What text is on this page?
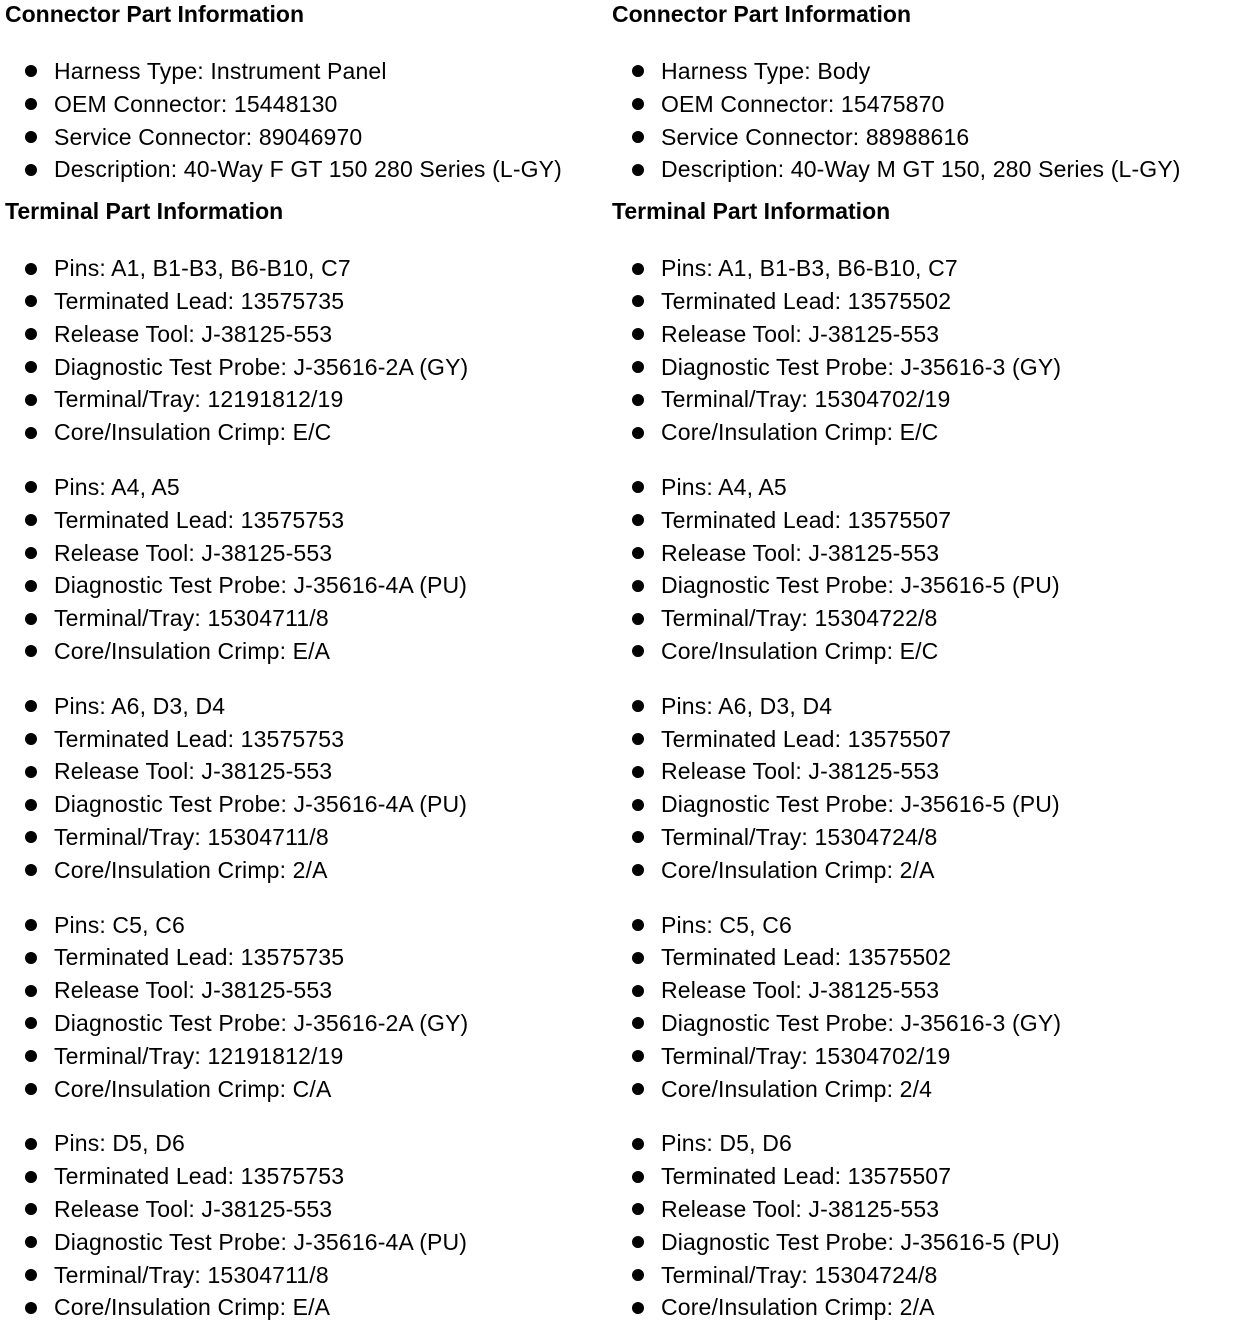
Connector Part Information
Harness Type: Instrument Panel
OEM Connector: 15448130
Service Connector: 89046970
Description: 40-Way F GT 150 280 Series (L-GY)
Terminal Part Information
Pins: A1, B1-B3, B6-B10, C7
Terminated Lead: 13575735
Release Tool: J-38125-553
Diagnostic Test Probe: J-35616-2A (GY)
Terminal/Tray: 12191812/19
Core/Insulation Crimp: E/C
Pins: A4, A5
Terminated Lead: 13575753
Release Tool: J-38125-553
Diagnostic Test Probe: J-35616-4A (PU)
Terminal/Tray: 15304711/8
Core/Insulation Crimp: E/A
Pins: A6, D3, D4
Terminated Lead: 13575753
Release Tool: J-38125-553
Diagnostic Test Probe: J-35616-4A (PU)
Terminal/Tray: 15304711/8
Core/Insulation Crimp: 2/A
Pins: C5, C6
Terminated Lead: 13575735
Release Tool: J-38125-553
Diagnostic Test Probe: J-35616-2A (GY)
Terminal/Tray: 12191812/19
Core/Insulation Crimp: C/A
Pins: D5, D6
Terminated Lead: 13575753
Release Tool: J-38125-553
Diagnostic Test Probe: J-35616-4A (PU)
Terminal/Tray: 15304711/8
Core/Insulation Crimp: E/A
Connector Part Information
Harness Type: Body
OEM Connector: 15475870
Service Connector: 88988616
Description: 40-Way M GT 150, 280 Series (L-GY)
Terminal Part Information
Pins: A1, B1-B3, B6-B10, C7
Terminated Lead: 13575502
Release Tool: J-38125-553
Diagnostic Test Probe: J-35616-3 (GY)
Terminal/Tray: 15304702/19
Core/Insulation Crimp: E/C
Pins: A4, A5
Terminated Lead: 13575507
Release Tool: J-38125-553
Diagnostic Test Probe: J-35616-5 (PU)
Terminal/Tray: 15304722/8
Core/Insulation Crimp: E/C
Pins: A6, D3, D4
Terminated Lead: 13575507
Release Tool: J-38125-553
Diagnostic Test Probe: J-35616-5 (PU)
Terminal/Tray: 15304724/8
Core/Insulation Crimp: 2/A
Pins: C5, C6
Terminated Lead: 13575502
Release Tool: J-38125-553
Diagnostic Test Probe: J-35616-3 (GY)
Terminal/Tray: 15304702/19
Core/Insulation Crimp: 2/4
Pins: D5, D6
Terminated Lead: 13575507
Release Tool: J-38125-553
Diagnostic Test Probe: J-35616-5 (PU)
Terminal/Tray: 15304724/8
Core/Insulation Crimp: 2/A
